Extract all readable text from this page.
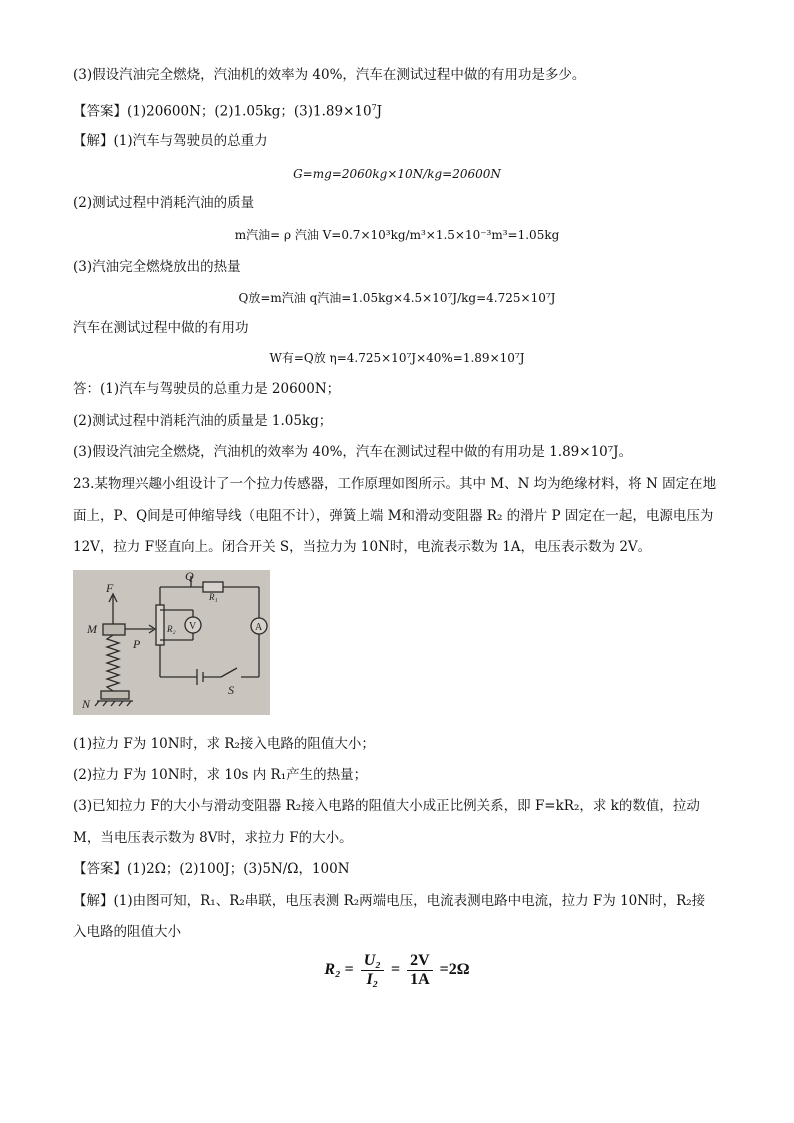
(3)假设汽油完全燃烧，汽油机的效率为 40%，汽车在测试过程中做的有用功是多少。
【答案】(1)20600N；(2)1.05kg；$(3)1.89\times 10^7J$
【解】(1)汽车与驾驶员的总重力
G=mg=2060kg×10N/kg=20600N
(2)测试过程中消耗汽油的质量
m汽油= ρ 汽油 V=0.7×10³kg/m³×1.5×10⁻³m³=1.05kg
(3)汽油完全燃烧放出的热量
Q放=m汽油 q汽油=1.05kg×4.5×10⁷J/kg=4.725×10⁷J
汽车在测试过程中做的有用功
W有=Q放 η=4.725×10⁷J×40%=1.89×10⁷J
答：(1)汽车与驾驶员的总重力是 20600N；
(2)测试过程中消耗汽油的质量是 1.05kg；
(3)假设汽油完全燃烧，汽油机的效率为 40%，汽车在测试过程中做的有用功是 1.89×10⁷J。
23.某物理兴趣小组设计了一个拉力传感器，工作原理如图所示。其中 M、N 均为绝缘材料，将 N 固定在地
面上，P、Q间是可伸缩导线（电阻不计），弹簧上端 M和滑动变阻器 R₂ 的滑片 P 固定在一起，电源电压为
12V，拉力 F竖直向上。闭合开关 S，当拉力为 10N时，电流表示数为 1A，电压表示数为 2V。
F
Q
R₁
M	R₂ V	A
P
S
N
(1)拉力 F为 10N时，求 R₂接入电路的阻值大小；
(2)拉力 F为 10N时，求 10s 内 R₁产生的热量；
(3)已知拉力 F的大小与滑动变阻器 R₂接入电路的阻值大小成正比例关系，即 F=kR₂，求 k的数值，拉动
M，当电压表示数为 8V时，求拉力 F的大小。
【答案】(1)2Ω；(2)100J；(3)5N/Ω，100N
【解】(1)由图可知，R₁、R₂串联，电压表测 R₂两端电压，电流表测电路中电流，拉力 F为 10N时，R₂接
入电路的阻值大小
$R_2 = \frac{\text{U₂}}{\text{I₂}} = \frac{2V}{1A} =2\Omega$
